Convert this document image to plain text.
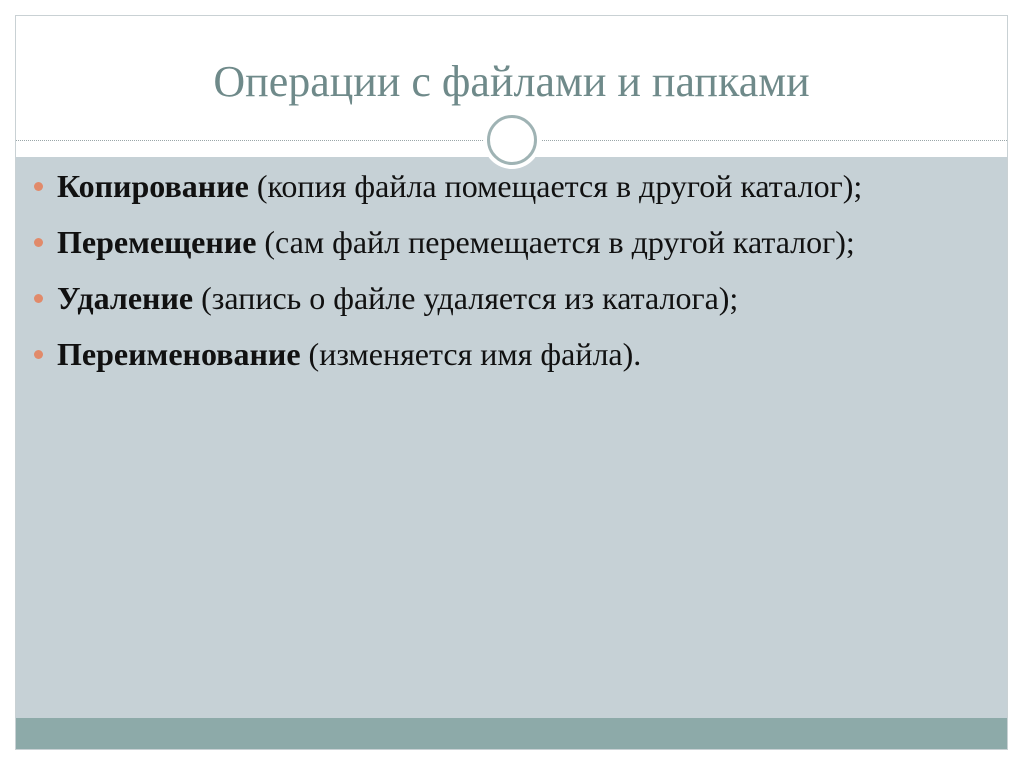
Операции с файлами и папками
Копирование (копия файла помещается в другой каталог);
Перемещение (сам файл перемещается в другой каталог);
Удаление (запись о файле удаляется из каталога);
Переименование (изменяется имя файла).
